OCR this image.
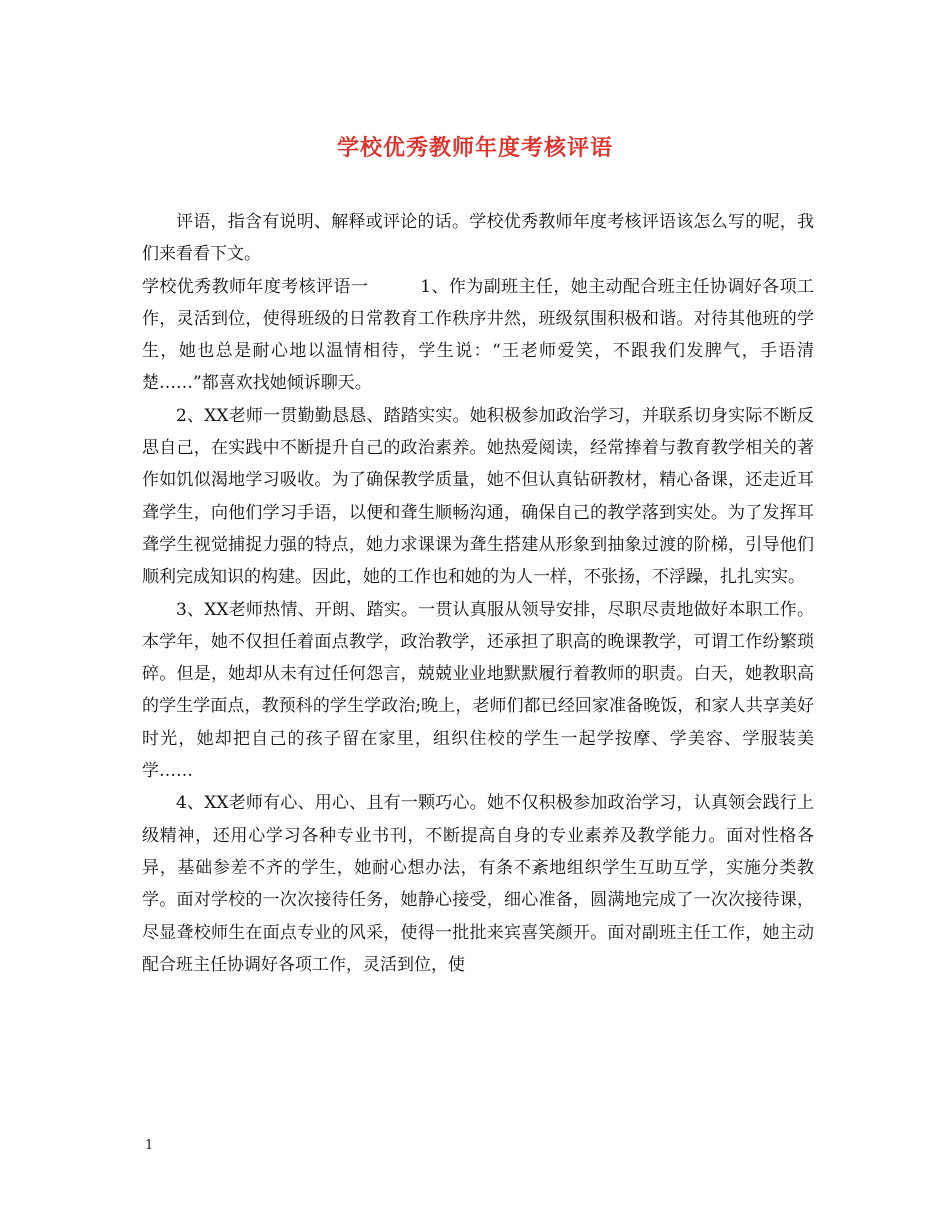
学校优秀教师年度考核评语

评语，指含有说明、解释或评论的话。学校优秀教师年度考核评语该怎么写的呢，我们来看看下文。

学校优秀教师年度考核评语一	1、作为副班主任，她主动配合班主任协调好各项工作，灵活到位，使得班级的日常教育工作秩序井然，班级氛围积极和谐。对待其他班的学生，她也总是耐心地以温情相待，学生说：“王老师爱笑，不跟我们发脾气，手语清楚……”都喜欢找她倾诉聊天。

2、XX老师一贯勤勤恳恳、踏踏实实。她积极参加政治学习，并联系切身实际不断反思自己，在实践中不断提升自己的政治素养。她热爱阅读，经常捧着与教育教学相关的著作如饥似渴地学习吸收。为了确保教学质量，她不但认真钻研教材，精心备课，还走近耳聋学生，向他们学习手语，以便和聋生顺畅沟通，确保自己的教学落到实处。为了发挥耳聋学生视觉捕捉力强的特点，她力求课课为聋生搭建从形象到抽象过渡的阶梯，引导他们顺利完成知识的构建。因此，她的工作也和她的为人一样，不张扬，不浮躁，扎扎实实。

3、XX老师热情、开朗、踏实。一贯认真服从领导安排，尽职尽责地做好本职工作。本学年，她不仅担任着面点教学，政治教学，还承担了职高的晚课教学，可谓工作纷繁琐碎。但是，她却从未有过任何怨言，兢兢业业地默默履行着教师的职责。白天，她教职高的学生学面点，教预科的学生学政治;晚上，老师们都已经回家准备晚饭，和家人共享美好时光，她却把自己的孩子留在家里，组织住校的学生一起学按摩、学美容、学服装美学……

4、XX老师有心、用心、且有一颗巧心。她不仅积极参加政治学习，认真领会践行上级精神，还用心学习各种专业书刊，不断提高自身的专业素养及教学能力。面对性格各异，基础参差不齐的学生，她耐心想办法，有条不紊地组织学生互助互学，实施分类教学。面对学校的一次次接待任务，她静心接受，细心准备，圆满地完成了一次次接待课，尽显聋校师生在面点专业的风采，使得一批批来宾喜笑颜开。面对副班主任工作，她主动配合班主任协调好各项工作，灵活到位，使

1
